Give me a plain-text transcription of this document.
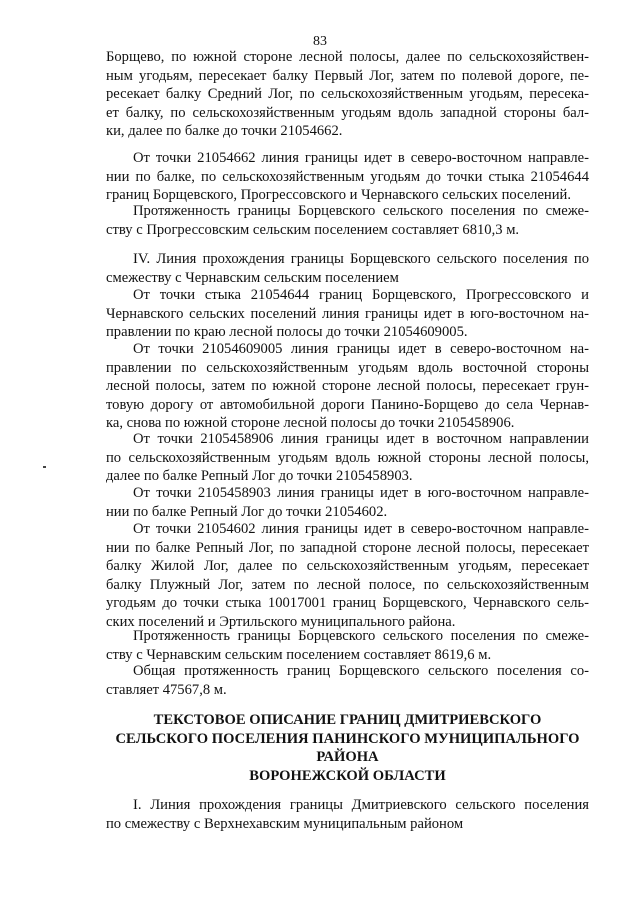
83
Борщево, по южной стороне лесной полосы, далее по сельскохозяйствен-
ным угодьям, пересекает балку Первый Лог, затем по полевой дороге, пе-
ресекает балку Средний Лог, по сельскохозяйственным угодьям, пересека-
ет балку, по сельскохозяйственным угодьям вдоль западной стороны бал-
ки, далее по балке до точки 21054662.
От точки 21054662 линия границы идет в северо-восточном направле-
нии по балке, по сельскохозяйственным угодьям до точки стыка 21054644
границ Борщевского, Прогрессовского и Чернавского сельских поселений.
Протяженность границы Борцевского сельского поселения по смеже-
ству с Прогрессовским сельским поселением составляет 6810,3 м.
IV. Линия прохождения границы Борщевского сельского поселения по
смежеству с Чернавским сельским поселением
От точки стыка 21054644 границ Борщевского, Прогрессовского и
Чернавского сельских поселений линия границы идет в юго-восточном на-
правлении по краю лесной полосы до точки 21054609005.
От точки 21054609005 линия границы идет в северо-восточном на-
правлении по сельскохозяйственным угодьям вдоль восточной стороны
лесной полосы, затем по южной стороне лесной полосы, пересекает грун-
товую дорогу от автомобильной дороги Панино-Борщево до села Чернав-
ка, снова по южной стороне лесной полосы до точки 2105458906.
От точки 2105458906 линия границы идет в восточном направлении
по сельскохозяйственным угодьям вдоль южной стороны лесной полосы,
далее по балке Репный Лог до точки 2105458903.
От точки 2105458903 линия границы идет в юго-восточном направле-
нии по балке Репный Лог до точки 21054602.
От точки 21054602 линия границы идет в северо-восточном направле-
нии по балке Репный Лог, по западной стороне лесной полосы, пересекает
балку Жилой Лог, далее по сельскохозяйственным угодьям, пересекает
балку Плужный Лог, затем по лесной полосе, по сельскохозяйственным
угодьям до точки стыка 10017001 границ Борщевского, Чернавского сель-
ских поселений и Эртильского муниципального района.
Протяженность границы Борцевского сельского поселения по смеже-
ству с Чернавским сельским поселением составляет 8619,6 м.
Общая протяженность границ Борщевского сельского поселения со-
ставляет 47567,8 м.
ТЕКСТОВОЕ ОПИСАНИЕ ГРАНИЦ ДМИТРИЕВСКОГО
СЕЛЬСКОГО ПОСЕЛЕНИЯ ПАНИНСКОГО МУНИЦИПАЛЬНОГО
РАЙОНА
ВОРОНЕЖСКОЙ ОБЛАСТИ
I. Линия прохождения границы Дмитриевского сельского поселения
по смежеству с Верхнехавским муниципальным районом
